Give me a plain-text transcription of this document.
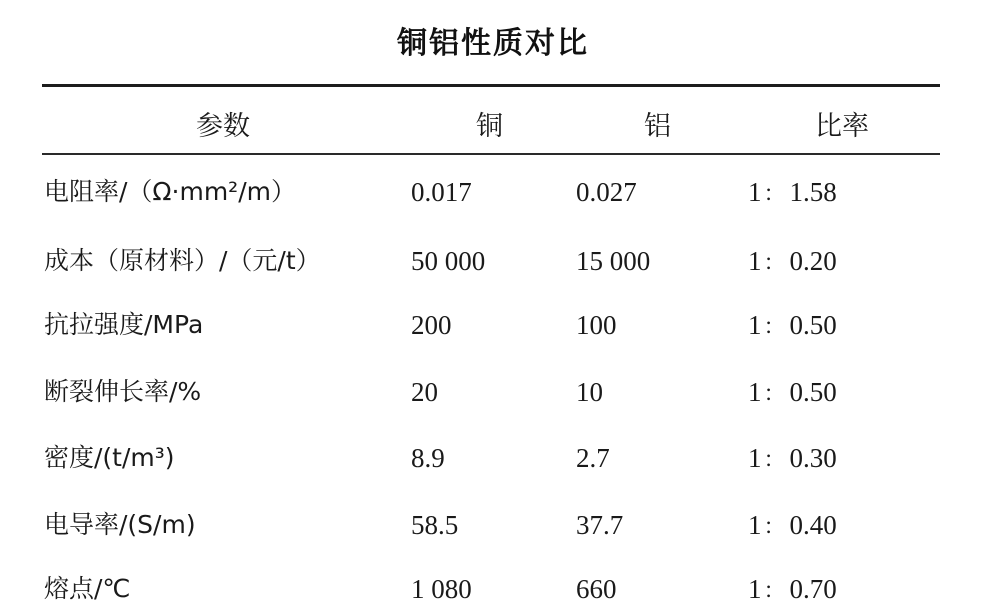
铜铝性质对比
参数	铜	铝	比率
电阻率/（Ω·mm²/m）	0.017	0.027	1： 1.58
成本（原材料）/（元/t）	50 000	15 000	1： 0.20
抗拉强度/MPa	200	100	1： 0.50
断裂伸长率/%	20	10	1： 0.50
密度/(t/m³)	8.9	2.7	1： 0.30
电导率/(S/m)	58.5	37.7	1： 0.40
熔点/℃	1 080	660	1： 0.70
